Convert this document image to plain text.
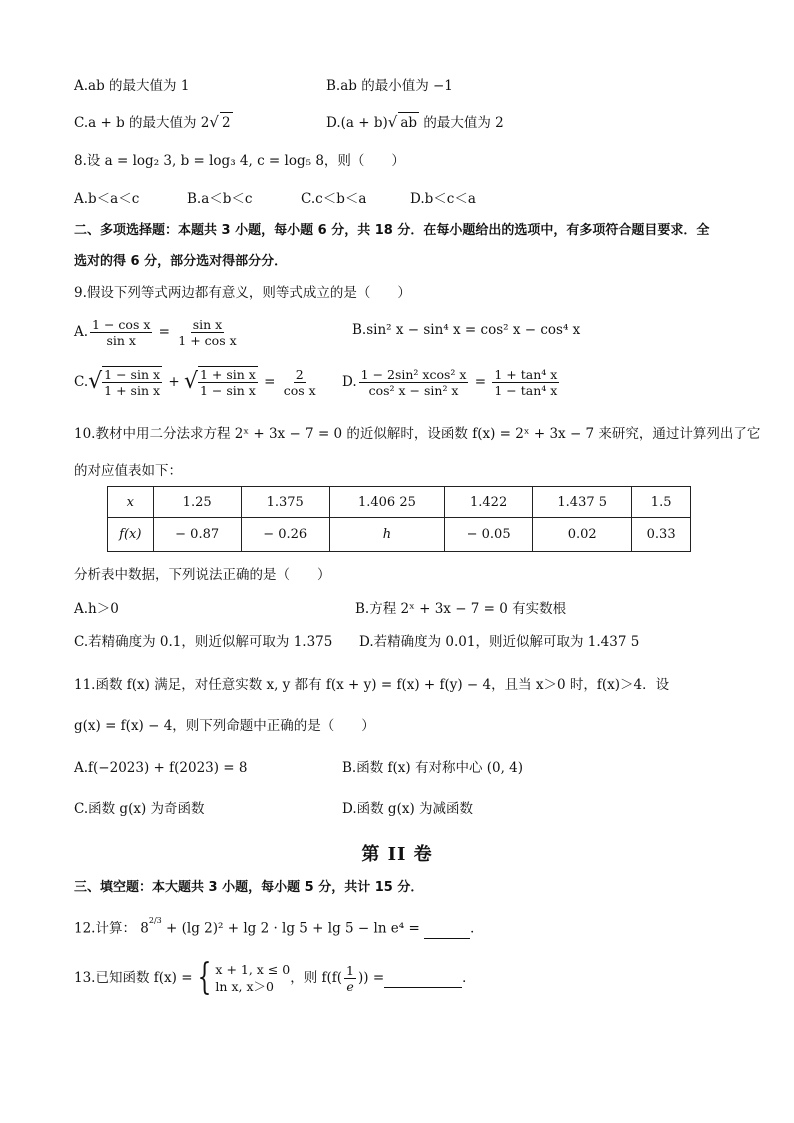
A.ab 的最大值为 1	B.ab 的最小值为 −1
C.a + b 的最大值为 2√ 2	D.(a + b)√ ab 的最大值为 2
8.设 a = log₂ 3, b = log₃ 4, c = log₅ 8，则（　　）
A.b＜a＜c	B.a＜b＜c	C.c＜b＜a	D.b＜c＜a
二、多项选择题：本题共 3 小题，每小题 6 分，共 18 分．在每小题给出的选项中，有多项符合题目要求．全
选对的得 6 分，部分选对得部分分．
9.假设下列等式两边都有意义，则等式成立的是（　　）
A. $\frac{\text{1 − cos x}}{\text{sin x}} = \frac{\text{sin x}}{\text{1 + cos x}}$	B.sin² x − sin⁴ x = cos² x − cos⁴ x
C. √ $\frac{\text{1 − sin x}}{\text{1 + sin x}}$ + √ $\frac{\text{1 + sin x}}{\text{1 − sin x}} = \frac{2}{\text{cos x}} D$. $\frac{\text{1 − 2sin² xcos² x}}{\text{cos² x − sin² x}} = \frac{\text{1 + tan⁴ x}}{\text{1 − tan⁴ x}}$
10.教材中用二分法求方程 2ˣ + 3x − 7 = 0 的近似解时，设函数 f(x) = 2ˣ + 3x − 7 来研究，通过计算列出了它
的对应值表如下：
x	1.25	1.375	1.406 25	1.422	1.437 5	1.5
f(x)	− 0.87	− 0.26	h	− 0.05	0.02	0.33
分析表中数据，下列说法正确的是（　　）
A.h＞0	B.方程 2ˣ + 3x − 7 = 0 有实数根
C.若精确度为 0.1，则近似解可取为 1.375 D.若精确度为 0.01，则近似解可取为 1.437 5
11.函数 f(x) 满足，对任意实数 x, y 都有 f(x + y) = f(x) + f(y) − 4，且当 x＞0 时，f(x)＞4．设
g(x) = f(x) − 4，则下列命题中正确的是（　　）
A.f(−2023) + f(2023) = 8	B.函数 f(x) 有对称中心 (0, 4)
C.函数 g(x) 为奇函数	D.函数 g(x) 为减函数
第 II 卷
三、填空题：本大题共 3 小题，每小题 5 分，共计 15 分．
12.计算： $8^{2/3} + (\lg$ 2)² + lg 2 · lg 5 + lg 5 − ln e⁴ =	．
13.已知函数 f(x) = { x + 1, x ≤ 0
ln x, x＞0
，则 $f(f( \frac{1}{e}$ )) =	．
